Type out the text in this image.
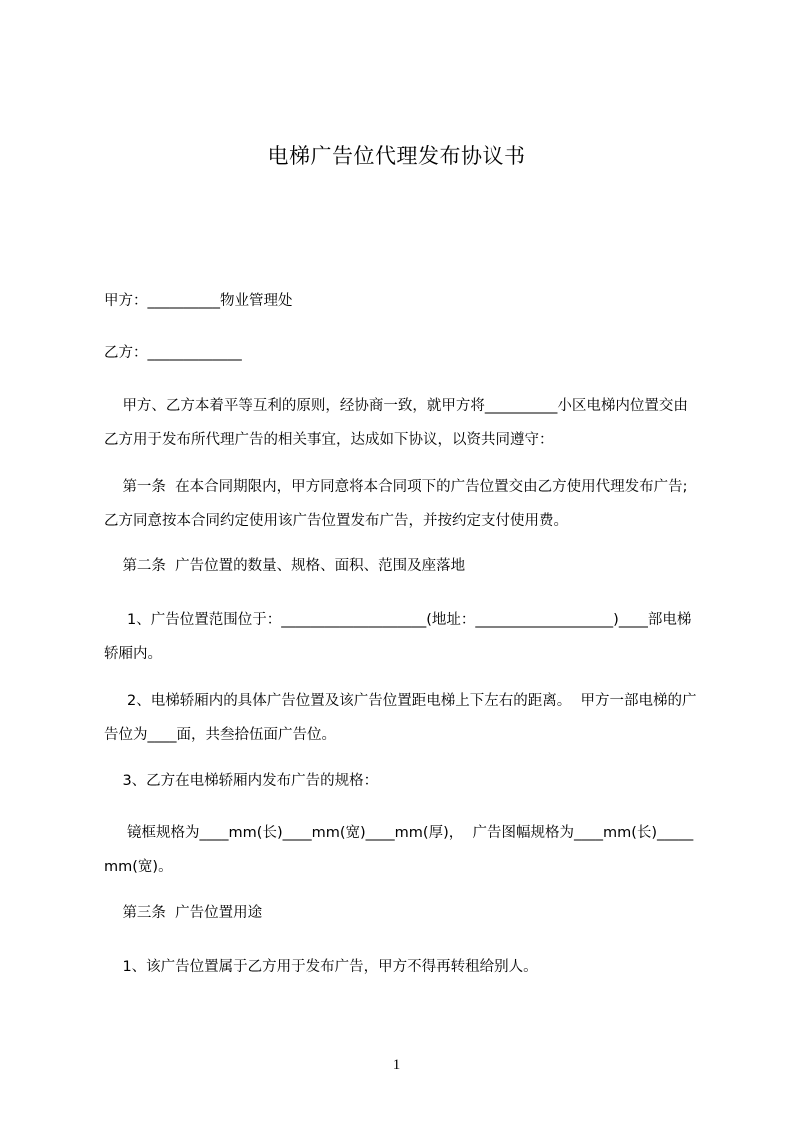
电梯广告位代理发布协议书
甲方：__________物业管理处
乙方：_____________
甲方、乙方本着平等互利的原则，经协商一致，就甲方将__________小区电梯内位置交由乙方用于发布所代理广告的相关事宜，达成如下协议，以资共同遵守：
第一条  在本合同期限内，甲方同意将本合同项下的广告位置交由乙方使用代理发布广告;乙方同意按本合同约定使用该广告位置发布广告，并按约定支付使用费。
第二条  广告位置的数量、规格、面积、范围及座落地
1、广告位置范围位于：____________________(地址：___________________)____部电梯轿厢内。
2、电梯轿厢内的具体广告位置及该广告位置距电梯上下左右的距离。  甲方一部电梯的广告位为____面，共叁拾伍面广告位。
3、乙方在电梯轿厢内发布广告的规格：
镜框规格为____mm(长)____mm(宽)____mm(厚)，  广告图幅规格为____mm(长)_____mm(宽)。
第三条  广告位置用途
1、该广告位置属于乙方用于发布广告，甲方不得再转租给别人。
1
